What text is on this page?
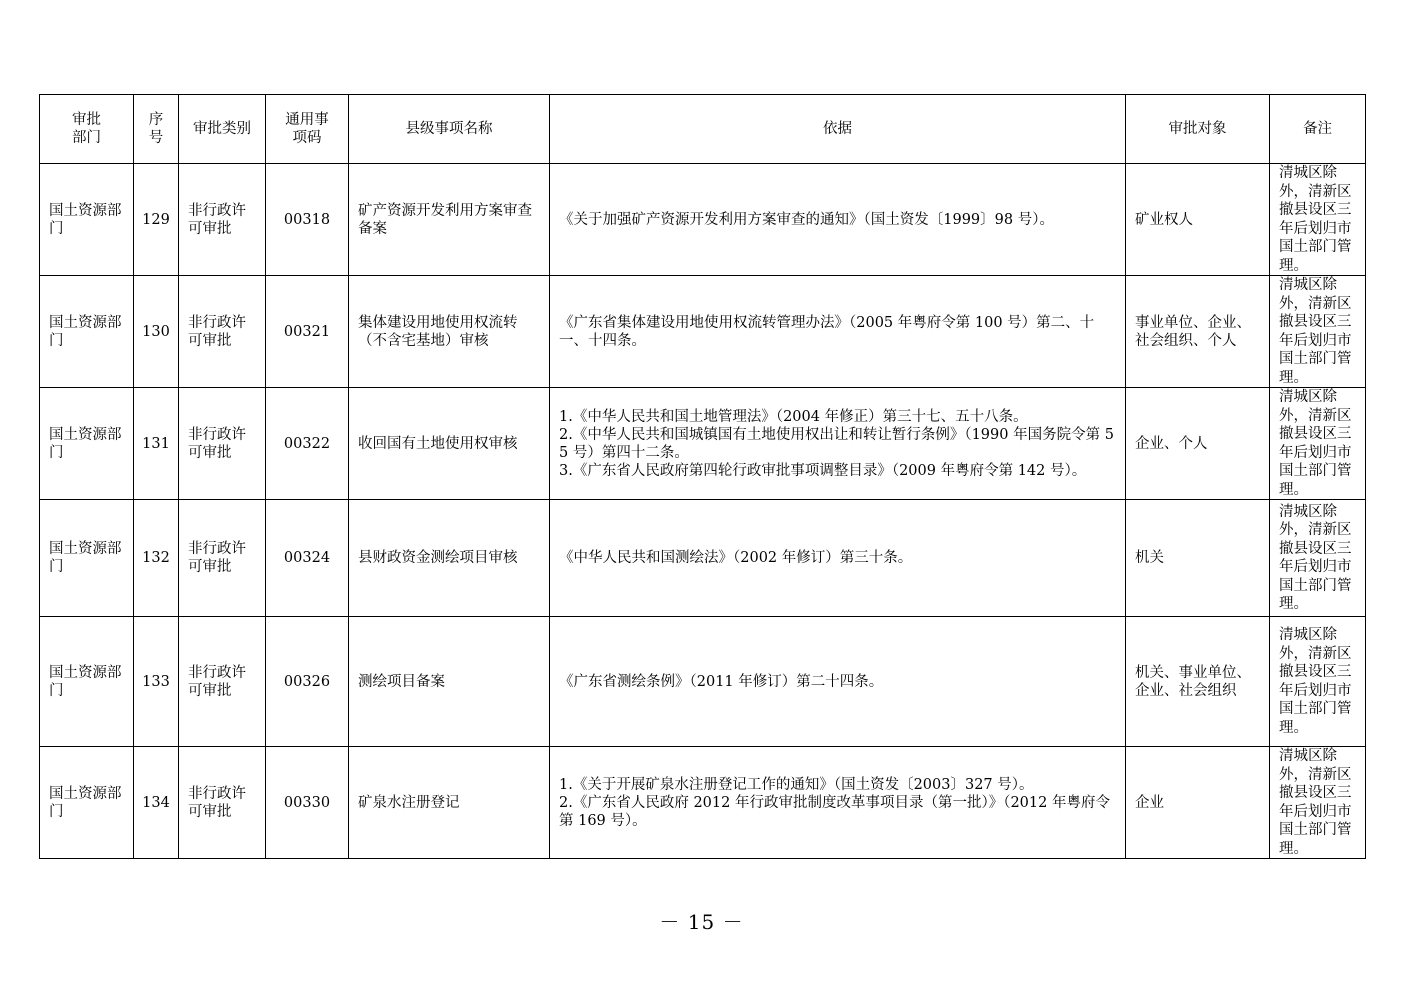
审批部门	序号	审批类别	通用事项码	县级事项名称	依据	审批对象	备注
国土资源部门	129	非行政许可审批	00318	矿产资源开发利用方案审查备案	《关于加强矿产资源开发利用方案审查的通知》（国土资发〔1999〕98 号）。	矿业权人	清城区除外，清新区撤县设区三年后划归市国土部门管理。
国土资源部门	130	非行政许可审批	00321	集体建设用地使用权流转（不含宅基地）审核	《广东省集体建设用地使用权流转管理办法》（2005 年粤府令第 100 号）第二、十一、十四条。	事业单位、企业、社会组织、个人	清城区除外，清新区撤县设区三年后划归市国土部门管理。
国土资源部门	131	非行政许可审批	00322	收回国有土地使用权审核	1.《中华人民共和国土地管理法》（2004 年修正）第三十七、五十八条。
2.《中华人民共和国城镇国有土地使用权出让和转让暂行条例》（1990 年国务院令第 55 号）第四十二条。
3.《广东省人民政府第四轮行政审批事项调整目录》（2009 年粤府令第 142 号）。	企业、个人	清城区除外，清新区撤县设区三年后划归市国土部门管理。
国土资源部门	132	非行政许可审批	00324	县财政资金测绘项目审核	《中华人民共和国测绘法》（2002 年修订）第三十条。	机关	清城区除外，清新区撤县设区三年后划归市国土部门管理。
国土资源部门	133	非行政许可审批	00326	测绘项目备案	《广东省测绘条例》（2011 年修订）第二十四条。	机关、事业单位、企业、社会组织	清城区除外，清新区撤县设区三年后划归市国土部门管理。
国土资源部门	134	非行政许可审批	00330	矿泉水注册登记	1.《关于开展矿泉水注册登记工作的通知》（国土资发〔2003〕327 号）。
2.《广东省人民政府 2012 年行政审批制度改革事项目录（第一批）》（2012 年粤府令第 169 号）。	企业	清城区除外，清新区撤县设区三年后划归市国土部门管理。
－ 15 －
